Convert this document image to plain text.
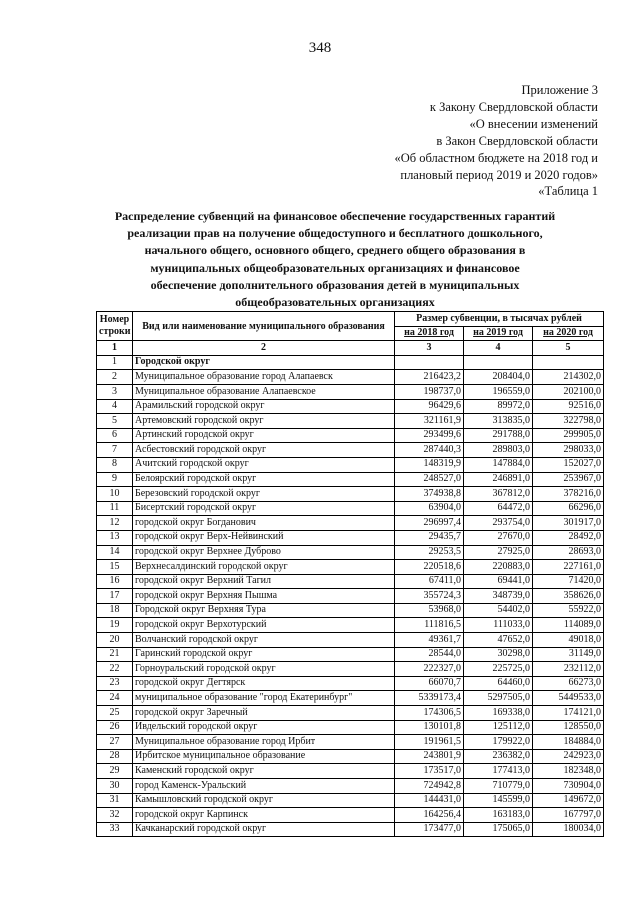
348
Приложение 3
к Закону Свердловской области
«О внесении изменений
в Закон Свердловской области
«Об областном бюджете на 2018 год и
плановый период 2019 и 2020 годов»
«Таблица 1
Распределение субвенций на финансовое обеспечение государственных гарантий
реализации прав на получение общедоступного и бесплатного дошкольного,
начального общего, основного общего, среднего общего образования в
муниципальных общеобразовательных организациях и финансовое
обеспечение дополнительного образования детей в муниципальных
общеобразовательных организациях
Номер
строки	Вид или наименование муниципального образования	Размер субвенции, в тысячах рублей		
		на 2018 год	на 2019 год	на 2020 год
1	2	3	4	5
1	Городской округ			
2	Муниципальное образование город Алапаевск	216423,2	208404,0	214302,0
3	Муниципальное образование Алапаевское	198737,0	196559,0	202100,0
4	Арамильский городской округ	96429,6	89972,0	92516,0
5	Артемовский городской округ	321161,9	313835,0	322798,0
6	Артинский городской округ	293499,6	291788,0	299905,0
7	Асбестовский городской округ	287440,3	289803,0	298033,0
8	Ачитский городской округ	148319,9	147884,0	152027,0
9	Белоярский городской округ	248527,0	246891,0	253967,0
10	Березовский городской округ	374938,8	367812,0	378216,0
11	Бисертский городской округ	63904,0	64472,0	66296,0
12	городской округ Богданович	296997,4	293754,0	301917,0
13	городской округ Верх-Нейвинский	29435,7	27670,0	28492,0
14	городской округ Верхнее Дуброво	29253,5	27925,0	28693,0
15	Верхнесалдинский городской округ	220518,6	220883,0	227161,0
16	городской округ Верхний Тагил	67411,0	69441,0	71420,0
17	городской округ Верхняя Пышма	355724,3	348739,0	358626,0
18	Городской округ Верхняя Тура	53968,0	54402,0	55922,0
19	городской округ Верхотурский	111816,5	111033,0	114089,0
20	Волчанский городской округ	49361,7	47652,0	49018,0
21	Гаринский городской округ	28544,0	30298,0	31149,0
22	Горноуральский городской округ	222327,0	225725,0	232112,0
23	городской округ Дегтярск	66070,7	64460,0	66273,0
24	муниципальное образование "город Екатеринбург"	5339173,4	5297505,0	5449533,0
25	городской округ Заречный	174306,5	169338,0	174121,0
26	Ивдельский городской округ	130101,8	125112,0	128550,0
27	Муниципальное образование город Ирбит	191961,5	179922,0	184884,0
28	Ирбитское муниципальное образование	243801,9	236382,0	242923,0
29	Каменский городской округ	173517,0	177413,0	182348,0
30	город Каменск-Уральский	724942,8	710779,0	730904,0
31	Камышловский городской округ	144431,0	145599,0	149672,0
32	городской округ Карпинск	164256,4	163183,0	167797,0
33	Качканарский городской округ	173477,0	175065,0	180034,0
